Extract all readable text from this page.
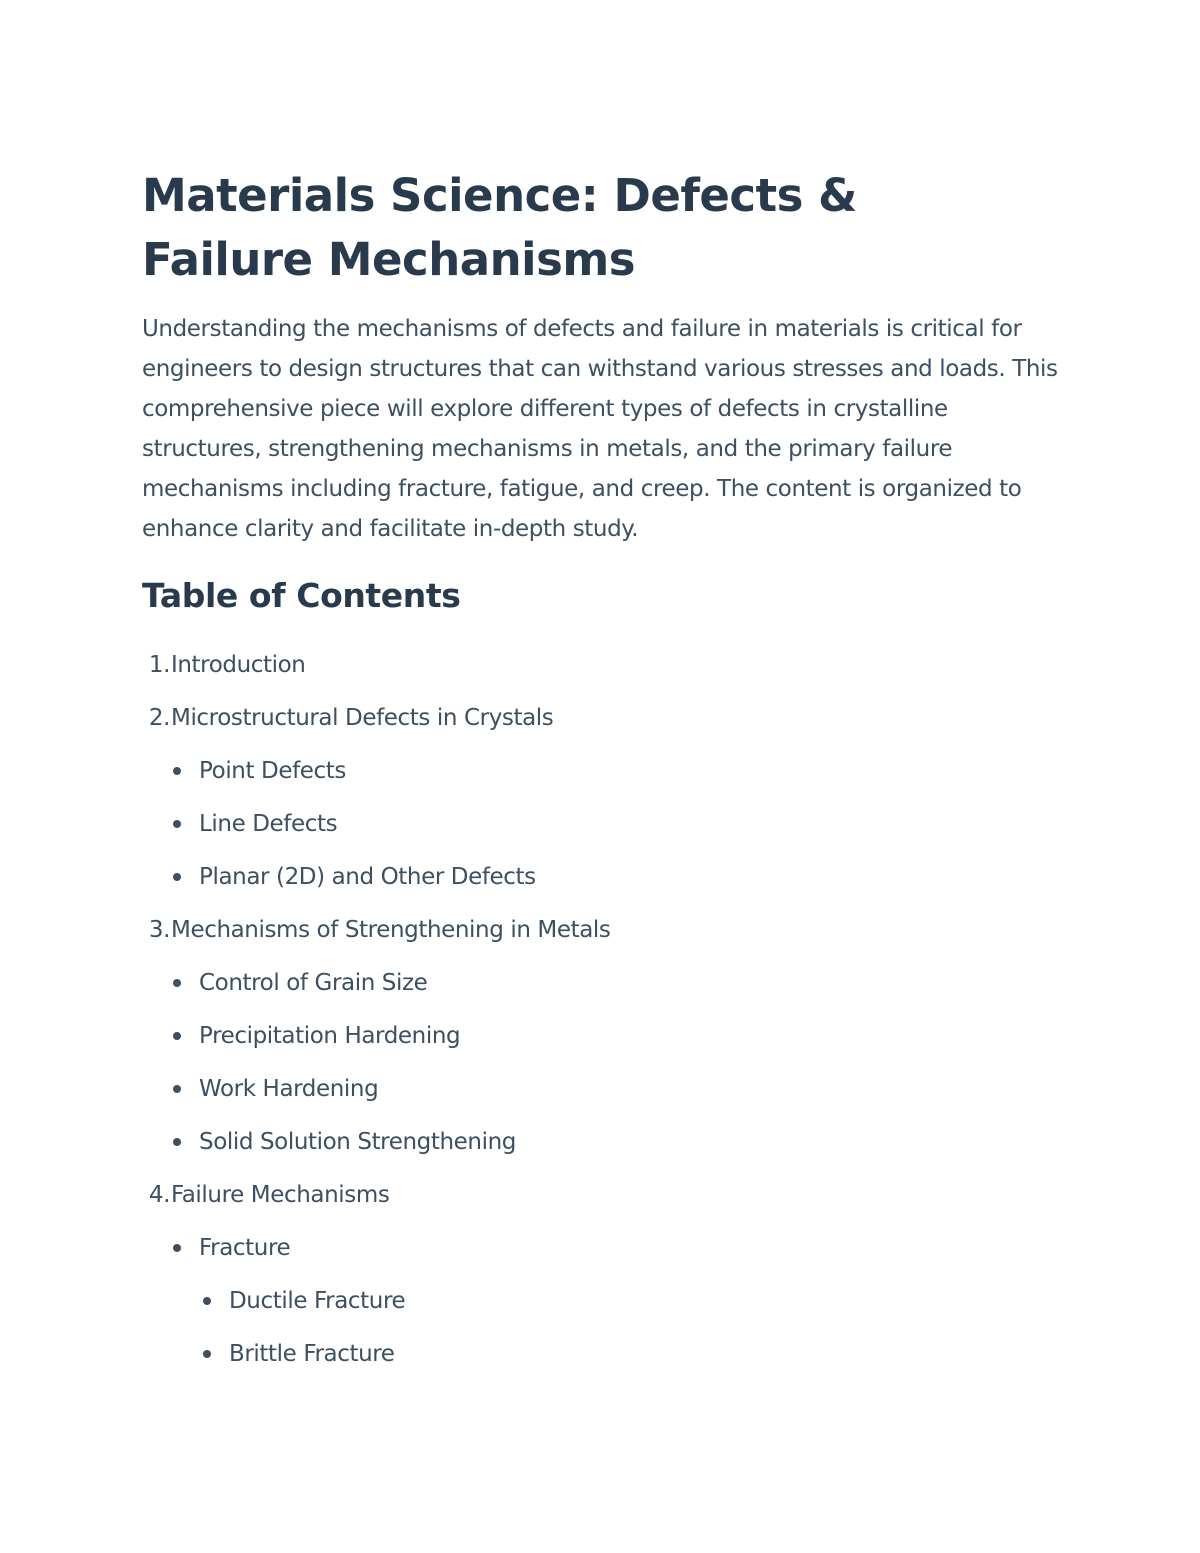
Materials Science: Defects & Failure Mechanisms

Understanding the mechanisms of defects and failure in materials is critical for engineers to design structures that can withstand various stresses and loads. This comprehensive piece will explore different types of defects in crystalline structures, strengthening mechanisms in metals, and the primary failure mechanisms including fracture, fatigue, and creep. The content is organized to enhance clarity and facilitate in-depth study.

Table of Contents
1. Introduction
2. Microstructural Defects in Crystals
Point Defects
Line Defects
Planar (2D) and Other Defects
3. Mechanisms of Strengthening in Metals
Control of Grain Size
Precipitation Hardening
Work Hardening
Solid Solution Strengthening
4. Failure Mechanisms
Fracture
Ductile Fracture
Brittle Fracture
